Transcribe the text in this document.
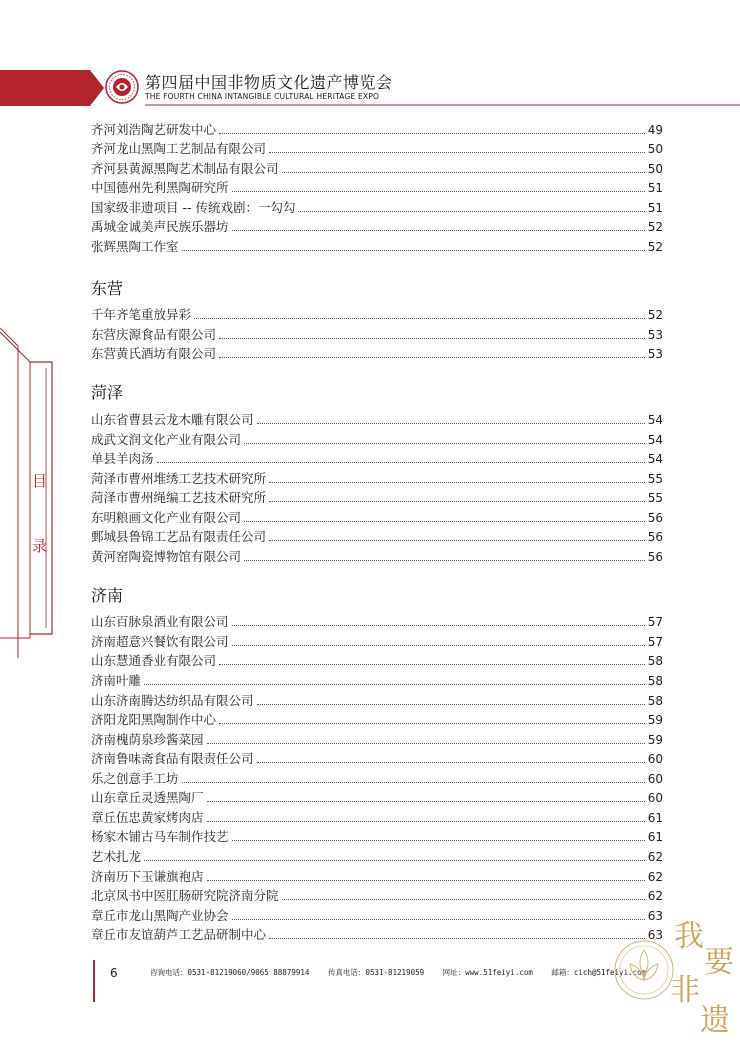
第四届中国非物质文化遗产博览会
THE FOURTH CHINA INTANGIBLE CULTURAL HERITAGE EXPO
目
录
齐河刘浩陶艺研发中心	49
齐河龙山黑陶工艺制品有限公司	50
齐河县黄源黑陶艺术制品有限公司	50
中国德州先利黑陶研究所	51
国家级非遗项目 -- 传统戏剧：一勾勾	51
禹城金诚美声民族乐器坊	52
张辉黑陶工作室	52
东营
千年齐笔重放异彩	52
东营庆源食品有限公司	53
东营黄氏酒坊有限公司	53
菏泽
山东省曹县云龙木雕有限公司	54
成武文润文化产业有限公司	54
单县羊肉汤	54
菏泽市曹州堆绣工艺技术研究所	55
菏泽市曹州绳编工艺技术研究所	55
东明粮画文化产业有限公司	56
鄄城县鲁锦工艺品有限责任公司	56
黄河窑陶瓷博物馆有限公司	56
济南
山东百脉泉酒业有限公司	57
济南超意兴餐饮有限公司	57
山东慧通香业有限公司	58
济南叶雕	58
山东济南腾达纺织品有限公司	58
济阳龙阳黑陶制作中心	59
济南槐荫泉珍酱菜园	59
济南鲁味斋食品有限责任公司	60
乐之创意手工坊	60
山东章丘灵透黑陶厂	60
章丘伍忠黄家烤肉店	61
杨家木铺古马车制作技艺	61
艺术扎龙	62
济南历下玉谦旗袍店	62
北京凤书中医肛肠研究院济南分院	62
章丘市龙山黑陶产业协会	63
章丘市友谊葫芦工艺品研制中心	63
6	咨询电话：0531-81219060/9065 88879914 传真电话：0531-81219059 网址：www.51feiyi.com 邮箱：cich@51feiyi.com
我
要
非
遗
